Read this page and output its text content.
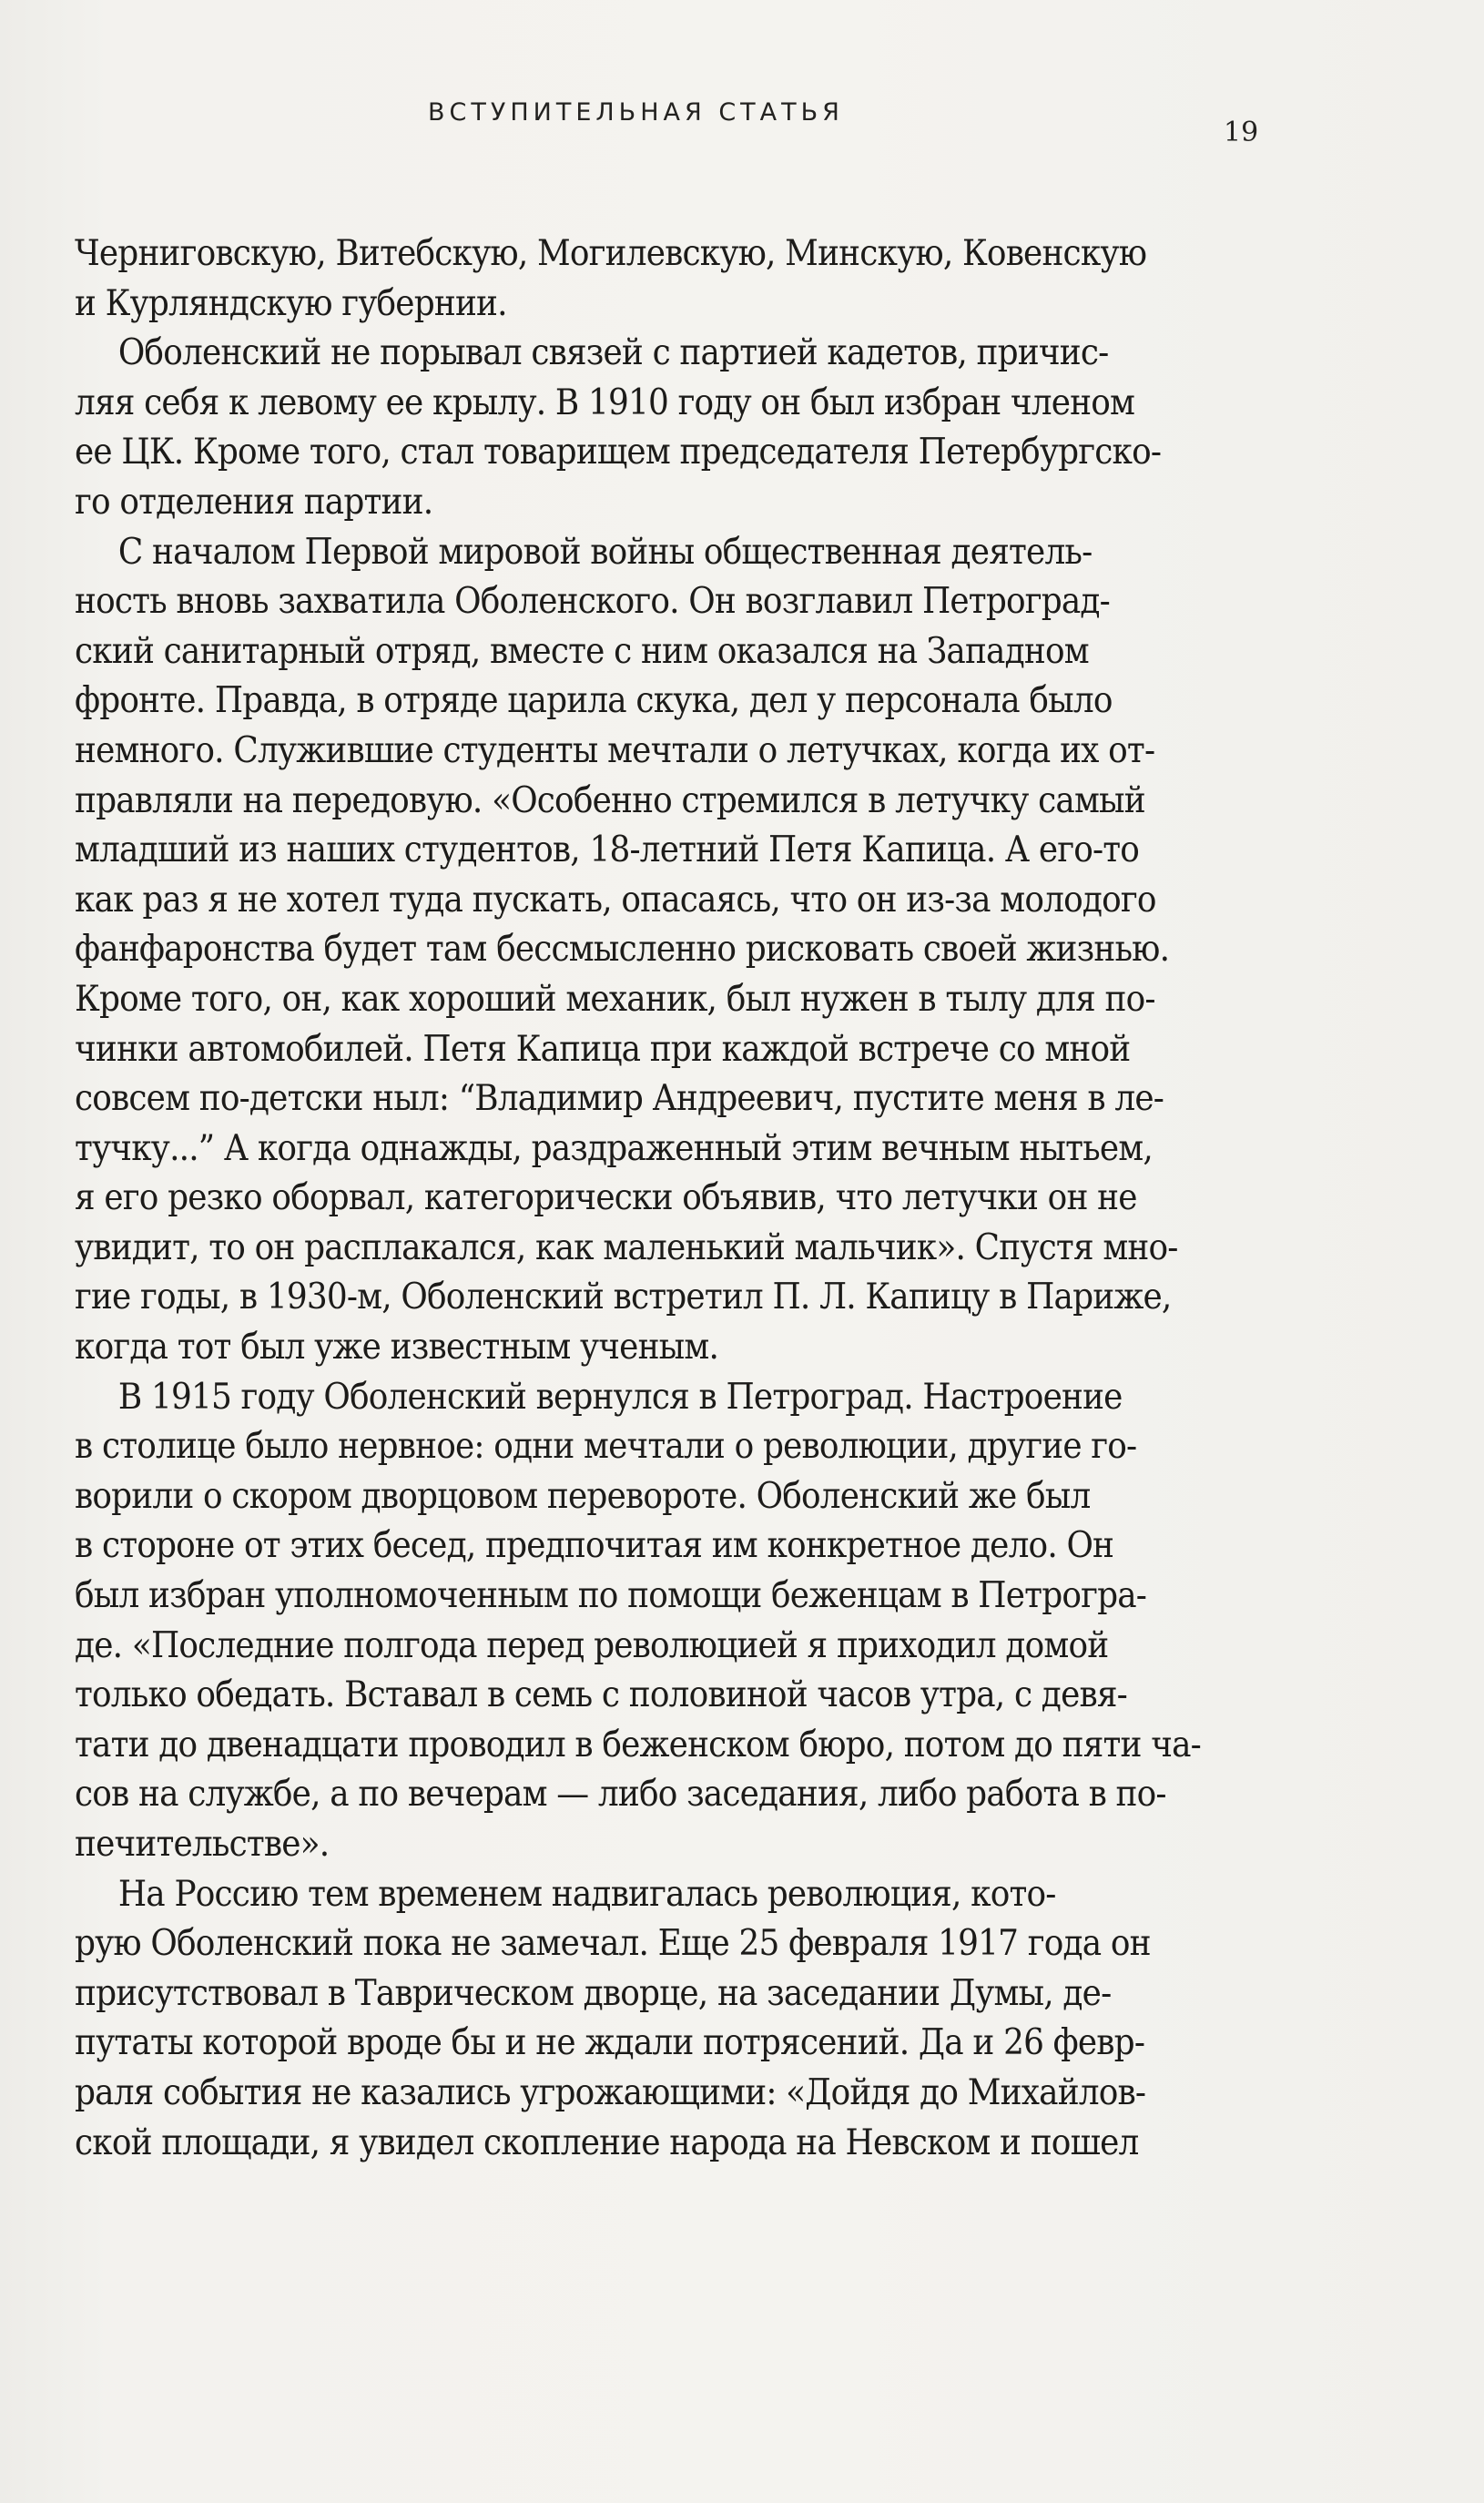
ВСТУПИТЕЛЬНАЯ СТАТЬЯ
19
Черниговскую, Витебскую, Могилевскую, Минскую, Ковенскую
и Курляндскую губернии.
Оболенский не порывал связей с партией кадетов, причис-
ляя себя к левому ее крылу. В 1910 году он был избран членом
ее ЦК. Кроме того, стал товарищем председателя Петербургско-
го отделения партии.
С началом Первой мировой войны общественная деятель-
ность вновь захватила Оболенского. Он возглавил Петроград-
ский санитарный отряд, вместе с ним оказался на Западном
фронте. Правда, в отряде царила скука, дел у персонала было
немного. Служившие студенты мечтали о летучках, когда их от-
правляли на передовую. «Особенно стремился в летучку самый
младший из наших студентов, 18-летний Петя Капица. А его-то
как раз я не хотел туда пускать, опасаясь, что он из-за молодого
фанфаронства будет там бессмысленно рисковать своей жизнью.
Кроме того, он, как хороший механик, был нужен в тылу для по-
чинки автомобилей. Петя Капица при каждой встрече со мной
совсем по-детски ныл: “Владимир Андреевич, пустите меня в ле-
тучку...” А когда однажды, раздраженный этим вечным нытьем,
я его резко оборвал, категорически объявив, что летучки он не
увидит, то он расплакался, как маленький мальчик». Спустя мно-
гие годы, в 1930-м, Оболенский встретил П. Л. Капицу в Париже,
когда тот был уже известным ученым.
В 1915 году Оболенский вернулся в Петроград. Настроение
в столице было нервное: одни мечтали о революции, другие го-
ворили о скором дворцовом перевороте. Оболенский же был
в стороне от этих бесед, предпочитая им конкретное дело. Он
был избран уполномоченным по помощи беженцам в Петрогра-
де. «Последние полгода перед революцией я приходил домой
только обедать. Вставал в семь с половиной часов утра, с девя-
тати до двенадцати проводил в беженском бюро, потом до пяти ча-
сов на службе, а по вечерам — либо заседания, либо работа в по-
печительстве».
На Россию тем временем надвигалась революция, кото-
рую Оболенский пока не замечал. Еще 25 февраля 1917 года он
присутствовал в Таврическом дворце, на заседании Думы, де-
путаты которой вроде бы и не ждали потрясений. Да и 26 февр-
раля события не казались угрожающими: «Дойдя до Михайлов-
ской площади, я увидел скопление народа на Невском и пошел
